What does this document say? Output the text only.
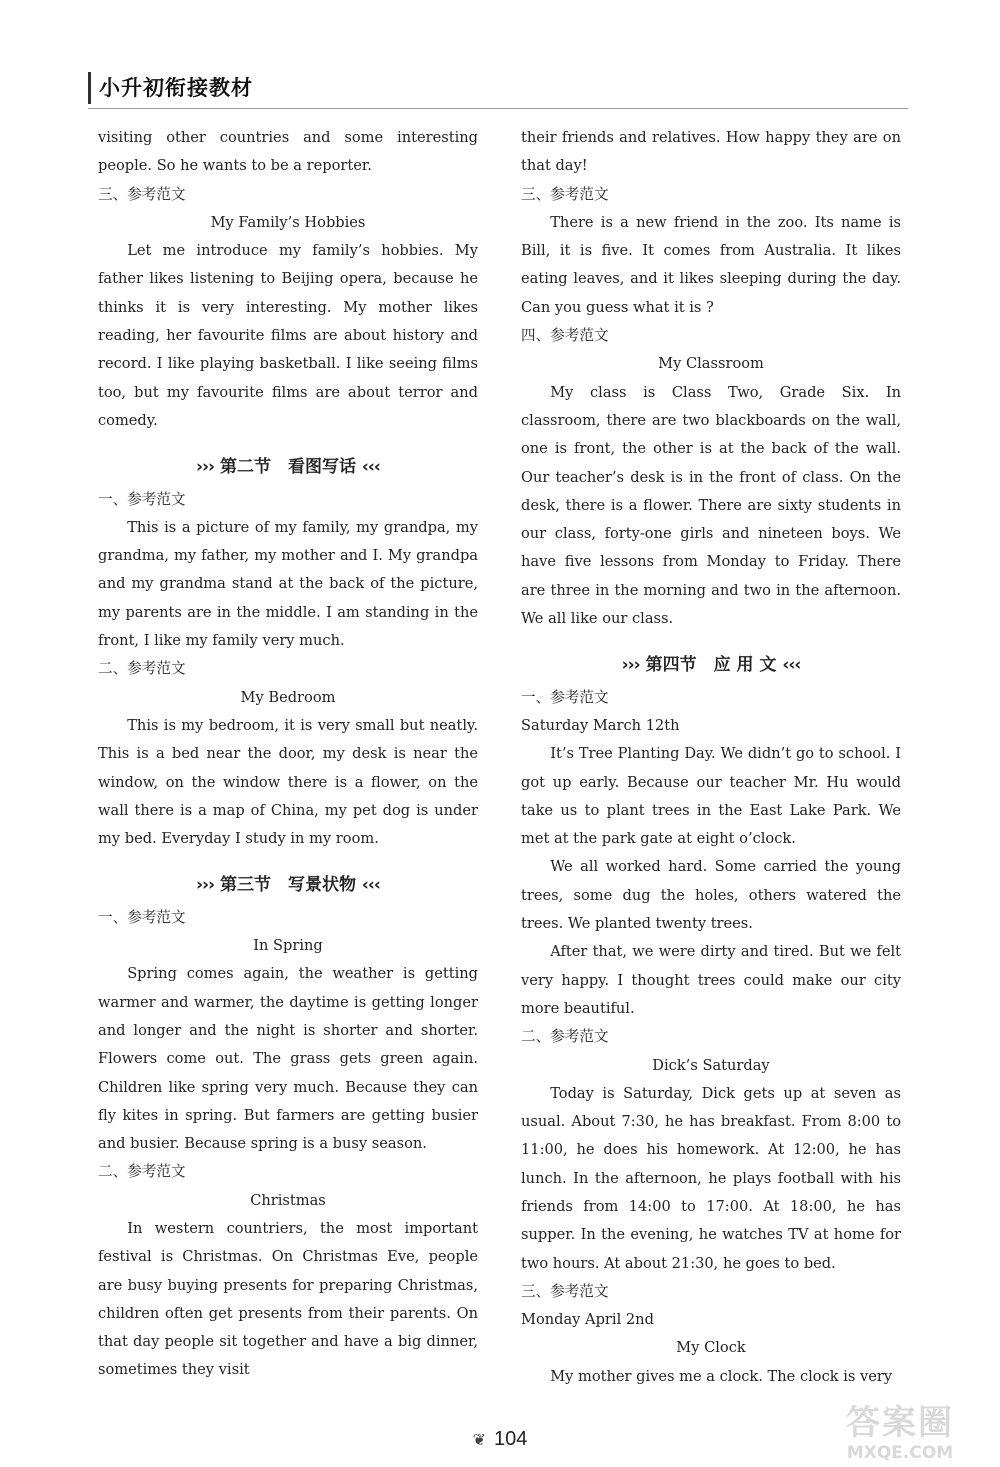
小升初衔接教材

visiting other countries and some interesting people. So he wants to be a reporter.

三、参考范文

My Family’s Hobbies

Let me introduce my family’s hobbies. My father likes listening to Beijing opera, because he thinks it is very interesting. My mother likes reading, her favourite films are about history and record. I like playing basketball. I like seeing films too, but my favourite films are about terror and comedy.

››› 第二节　看图写话 ‹‹‹

一、参考范文

This is a picture of my family, my grandpa, my grandma, my father, my mother and I. My grandpa and my grandma stand at the back of the picture, my parents are in the middle. I am standing in the front, I like my family very much.

二、参考范文

My Bedroom

This is my bedroom, it is very small but neatly. This is a bed near the door, my desk is near the window, on the window there is a flower, on the wall there is a map of China, my pet dog is under my bed. Everyday I study in my room.

››› 第三节　写景状物 ‹‹‹

一、参考范文

In Spring

Spring comes again, the weather is getting warmer and warmer, the daytime is getting longer and longer and the night is shorter and shorter. Flowers come out. The grass gets green again. Children like spring very much. Because they can fly kites in spring. But farmers are getting busier and busier. Because spring is a busy season.

二、参考范文

Christmas

In western countriers, the most important festival is Christmas. On Christmas Eve, people are busy buying presents for preparing Christmas, children often get presents from their parents. On that day people sit together and have a big dinner, sometimes they visit

their friends and relatives. How happy they are on that day!

三、参考范文

There is a new friend in the zoo. Its name is Bill, it is five. It comes from Australia. It likes eating leaves, and it likes sleeping during the day. Can you guess what it is ?

四、参考范文

My Classroom

My class is Class Two, Grade Six. In classroom, there are two blackboards on the wall, one is front, the other is at the back of the wall. Our teacher’s desk is in the front of class. On the desk, there is a flower. There are sixty students in our class, forty-one girls and nineteen boys. We have five lessons from Monday to Friday. There are three in the morning and two in the afternoon. We all like our class.

››› 第四节　应 用 文 ‹‹‹

一、参考范文

Saturday March 12th

It’s Tree Planting Day. We didn’t go to school. I got up early. Because our teacher Mr. Hu would take us to plant trees in the East Lake Park. We met at the park gate at eight o’clock.

We all worked hard. Some carried the young trees, some dug the holes, others watered the trees. We planted twenty trees.

After that, we were dirty and tired. But we felt very happy. I thought trees could make our city more beautiful.

二、参考范文

Dick’s Saturday

Today is Saturday, Dick gets up at seven as usual. About 7:30, he has breakfast. From 8:00 to 11:00, he does his homework. At 12:00, he has lunch. In the afternoon, he plays football with his friends from 14:00 to 17:00. At 18:00, he has supper. In the evening, he watches TV at home for two hours. At about 21:30, he goes to bed.

三、参考范文

Monday April 2nd

My Clock

My mother gives me a clock. The clock is very

❦ 104	答案圈
MXQE.COM
